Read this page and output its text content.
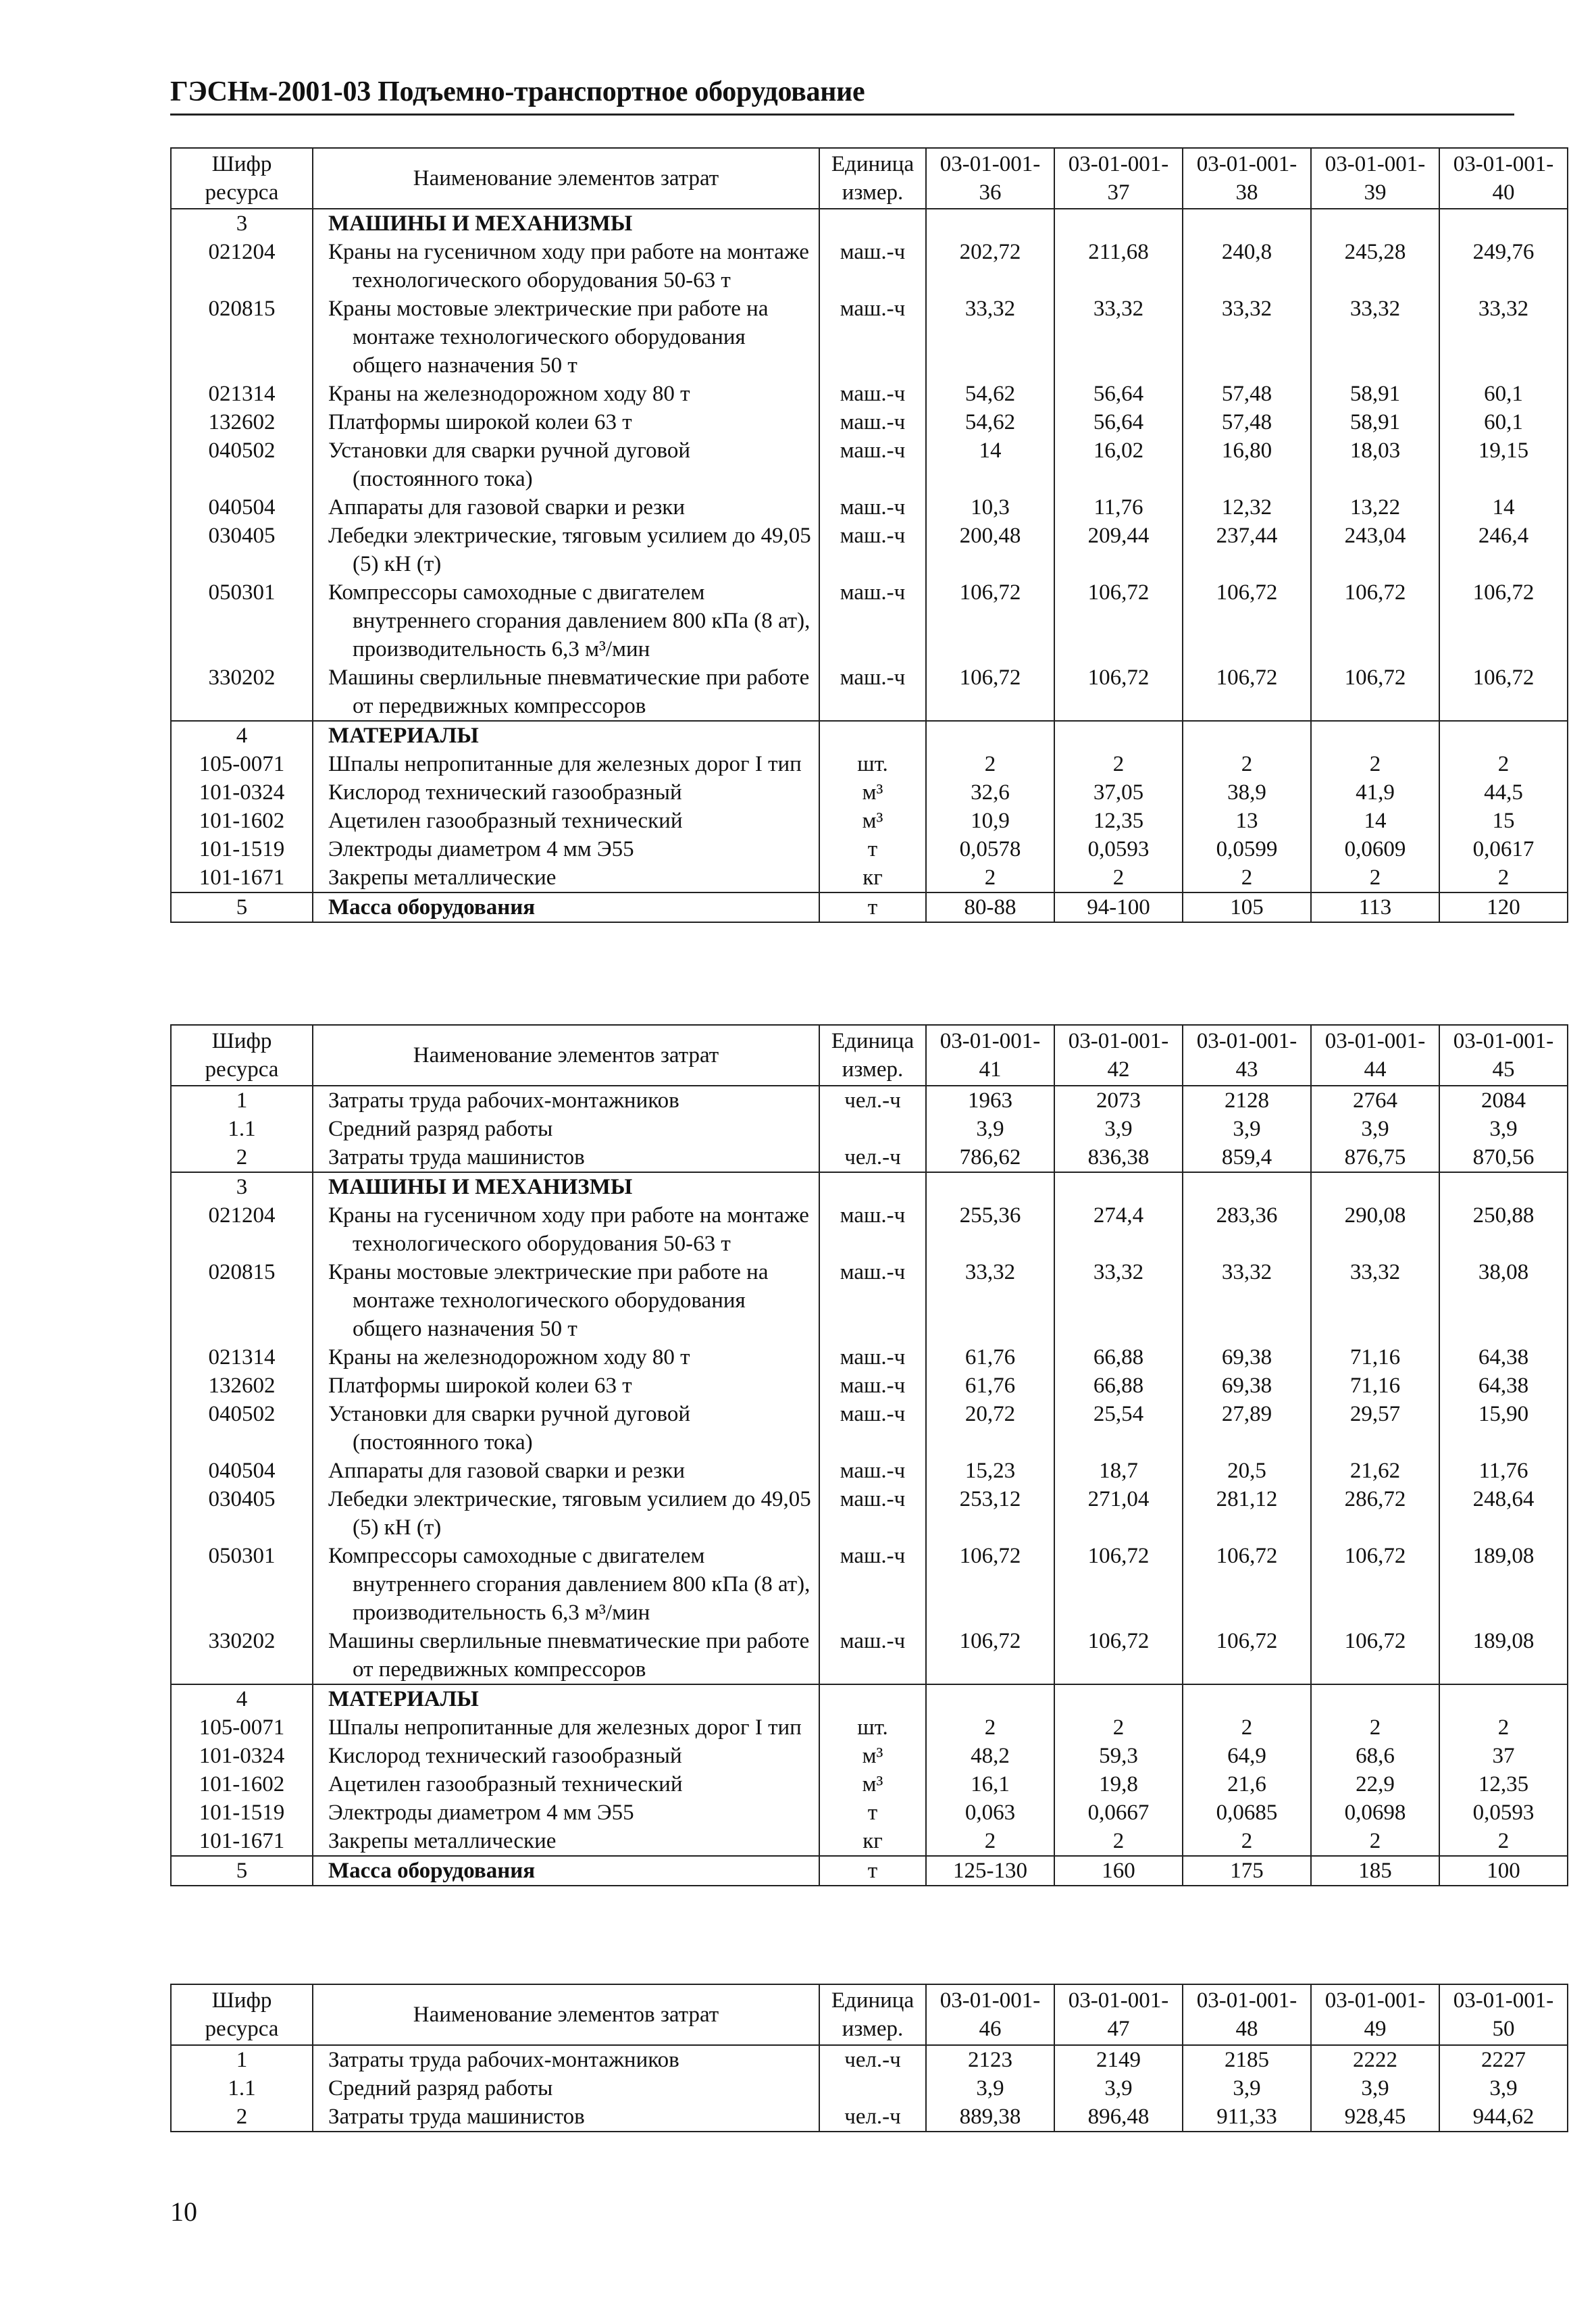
ГЭСНм-2001-03 Подъемно-транспортное оборудование
Шифр ресурса	Наименование элементов затрат	Единица измер.	03-01-001-36	03-01-001-37	03-01-001-38	03-01-001-39	03-01-001-40
3	МАШИНЫ И МЕХАНИЗМЫ						

021204	Краны на гусеничном ходу при работе на монтаже технологического оборудования 50-63 т	маш.-ч	202,72	211,68	240,8	245,28	249,76
020815	Краны мостовые электрические при работе на монтаже технологического оборудования общего назначения 50 т	маш.-ч	33,32	33,32	33,32	33,32	33,32
021314	Краны на железнодорожном ходу 80 т	маш.-ч	54,62	56,64	57,48	58,91	60,1
132602	Платформы широкой колеи 63 т	маш.-ч	54,62	56,64	57,48	58,91	60,1
040502	Установки для сварки ручной дуговой (постоянного тока)	маш.-ч	14	16,02	16,80	18,03	19,15
040504	Аппараты для газовой сварки и резки	маш.-ч	10,3	11,76	12,32	13,22	14
030405	Лебедки электрические, тяговым усилием до 49,05 (5) кН (т)	маш.-ч	200,48	209,44	237,44	243,04	246,4
050301	Компрессоры самоходные с двигателем внутреннего сгорания давлением 800 кПа (8 ат), производительность 6,3 м³/мин	маш.-ч	106,72	106,72	106,72	106,72	106,72
330202	Машины сверлильные пневматические при работе от передвижных компрессоров	маш.-ч	106,72	106,72	106,72	106,72	106,72
4	МАТЕРИАЛЫ						

105-0071	Шпалы непропитанные для железных дорог I тип	шт.	2	2	2	2	2
101-0324	Кислород технический газообразный	м³	32,6	37,05	38,9	41,9	44,5
101-1602	Ацетилен газообразный технический	м³	10,9	12,35	13	14	15
101-1519	Электроды диаметром 4 мм Э55	т	0,0578	0,0593	0,0599	0,0609	0,0617
101-1671	Закрепы металлические	кг	2	2	2	2	2
5	Масса оборудования	т	80-88	94-100	105	113	120
Шифр ресурса	Наименование элементов затрат	Единица измер.	03-01-001-41	03-01-001-42	03-01-001-43	03-01-001-44	03-01-001-45
1	Затраты труда рабочих-монтажников	чел.-ч	1963	2073	2128	2764	2084
1.1	Средний разряд работы		3,9	3,9	3,9	3,9	3,9
2	Затраты труда машинистов	чел.-ч	786,62	836,38	859,4	876,75	870,56
3	МАШИНЫ И МЕХАНИЗМЫ						

021204	Краны на гусеничном ходу при работе на монтаже технологического оборудования 50-63 т	маш.-ч	255,36	274,4	283,36	290,08	250,88
020815	Краны мостовые электрические при работе на монтаже технологического оборудования общего назначения 50 т	маш.-ч	33,32	33,32	33,32	33,32	38,08
021314	Краны на железнодорожном ходу 80 т	маш.-ч	61,76	66,88	69,38	71,16	64,38
132602	Платформы широкой колеи 63 т	маш.-ч	61,76	66,88	69,38	71,16	64,38
040502	Установки для сварки ручной дуговой (постоянного тока)	маш.-ч	20,72	25,54	27,89	29,57	15,90
040504	Аппараты для газовой сварки и резки	маш.-ч	15,23	18,7	20,5	21,62	11,76
030405	Лебедки электрические, тяговым усилием до 49,05 (5) кН (т)	маш.-ч	253,12	271,04	281,12	286,72	248,64
050301	Компрессоры самоходные с двигателем внутреннего сгорания давлением 800 кПа (8 ат), производительность 6,3 м³/мин	маш.-ч	106,72	106,72	106,72	106,72	189,08
330202	Машины сверлильные пневматические при работе от передвижных компрессоров	маш.-ч	106,72	106,72	106,72	106,72	189,08
4	МАТЕРИАЛЫ						

105-0071	Шпалы непропитанные для железных дорог I тип	шт.	2	2	2	2	2
101-0324	Кислород технический газообразный	м³	48,2	59,3	64,9	68,6	37
101-1602	Ацетилен газообразный технический	м³	16,1	19,8	21,6	22,9	12,35
101-1519	Электроды диаметром 4 мм Э55	т	0,063	0,0667	0,0685	0,0698	0,0593
101-1671	Закрепы металлические	кг	2	2	2	2	2
5	Масса оборудования	т	125-130	160	175	185	100
Шифр ресурса	Наименование элементов затрат	Единица измер.	03-01-001-46	03-01-001-47	03-01-001-48	03-01-001-49	03-01-001-50
1	Затраты труда рабочих-монтажников	чел.-ч	2123	2149	2185	2222	2227
1.1	Средний разряд работы		3,9	3,9	3,9	3,9	3,9
2	Затраты труда машинистов	чел.-ч	889,38	896,48	911,33	928,45	944,62
10
